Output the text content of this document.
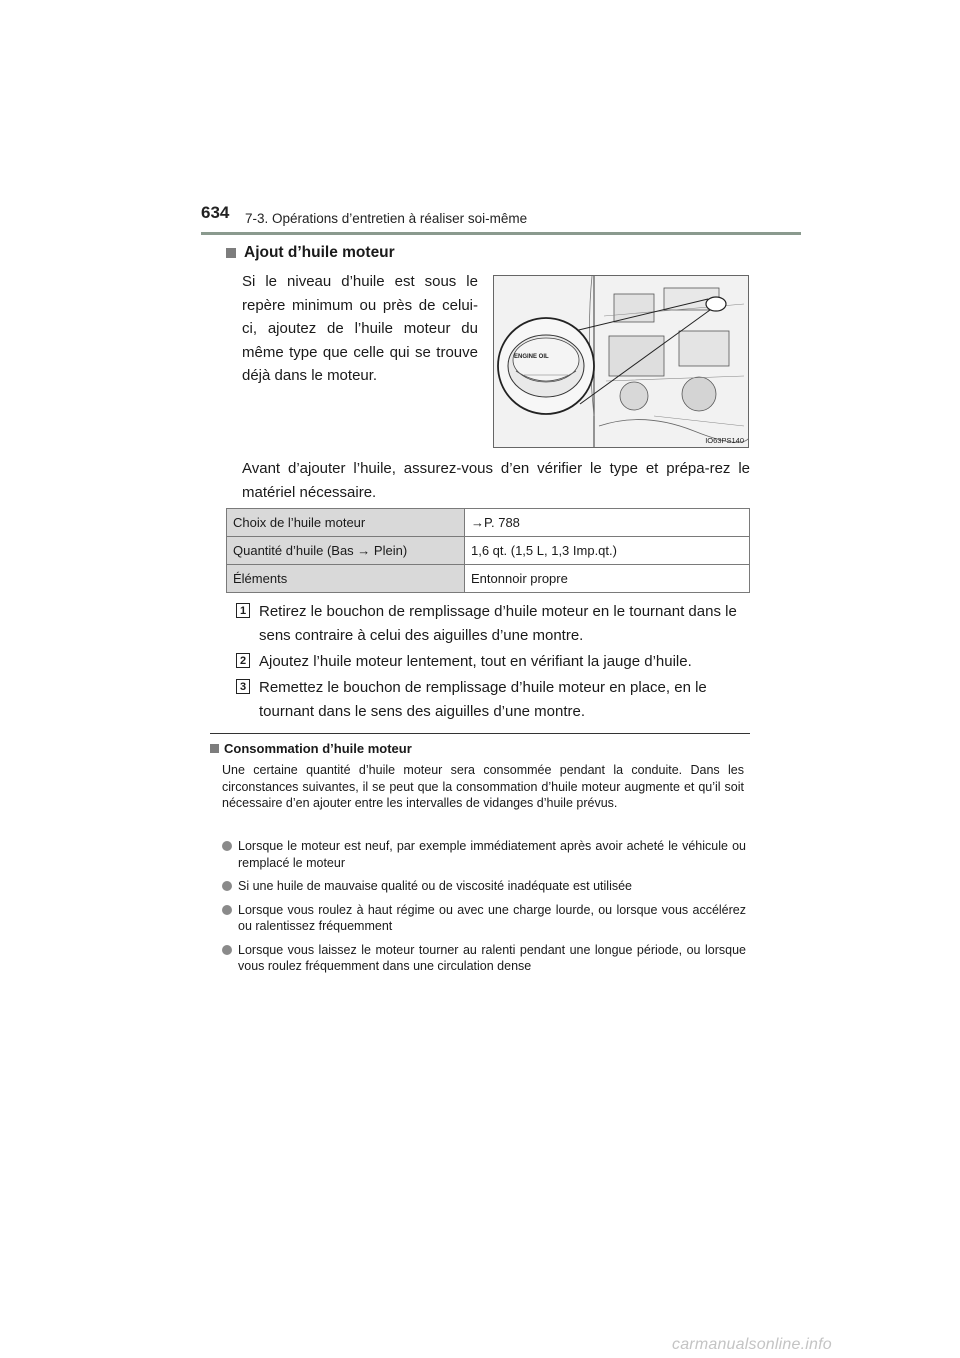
634 7-3. Opérations d’entretien à réaliser soi-même
Ajout d’huile moteur
Si le niveau d’huile est sous le repère minimum ou près de celui-ci, ajoutez de l’huile moteur du même type que celle qui se trouve déjà dans le moteur.
ENGINE OIL
IO63PS140
Avant d’ajouter l’huile, assurez-vous d’en vérifier le type et prépa-rez le matériel nécessaire.
Choix de l’huile moteur	→P. 788
Quantité d’huile (Bas → Plein)	1,6 qt. (1,5 L, 1,3 Imp.qt.)
Éléments	Entonnoir propre
1 Retirez le bouchon de remplissage d’huile moteur en le tournant dans le sens contraire à celui des aiguilles d’une montre.
2 Ajoutez l’huile moteur lentement, tout en vérifiant la jauge d’huile.
3 Remettez le bouchon de remplissage d’huile moteur en place, en le tournant dans le sens des aiguilles d’une montre.
Consommation d’huile moteur
Une certaine quantité d’huile moteur sera consommée pendant la conduite. Dans les circonstances suivantes, il se peut que la consommation d’huile moteur augmente et qu’il soit nécessaire d’en ajouter entre les intervalles de vidanges d’huile prévus.
Lorsque le moteur est neuf, par exemple immédiatement après avoir acheté le véhicule ou remplacé le moteur
Si une huile de mauvaise qualité ou de viscosité inadéquate est utilisée
Lorsque vous roulez à haut régime ou avec une charge lourde, ou lorsque vous accélérez ou ralentissez fréquemment
Lorsque vous laissez le moteur tourner au ralenti pendant une longue période, ou lorsque vous roulez fréquemment dans une circulation dense
carmanualsonline.info
